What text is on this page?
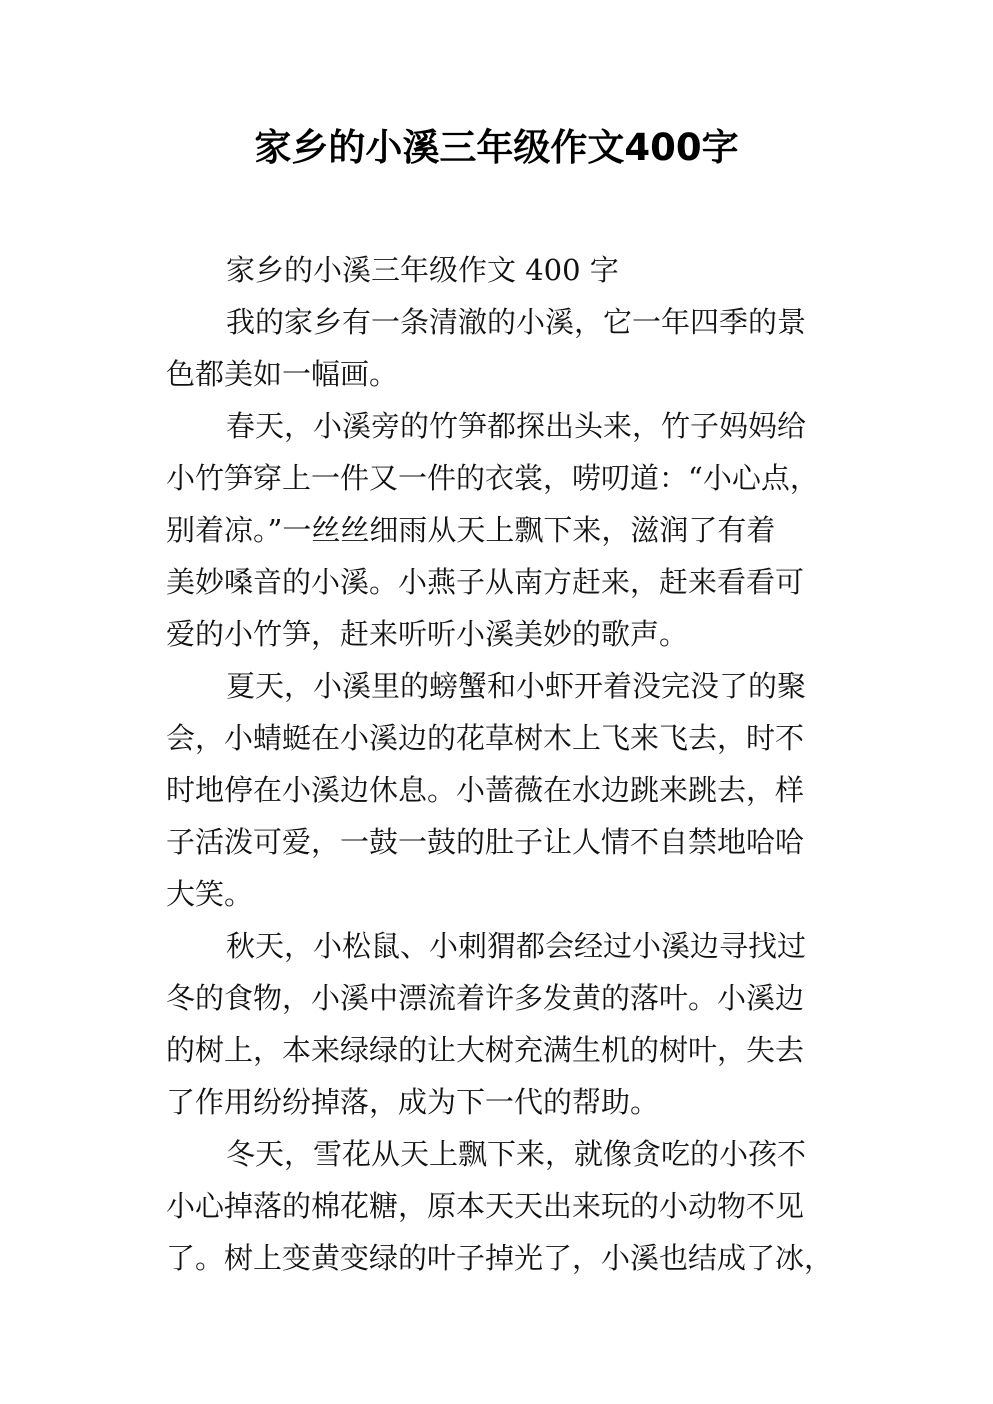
家乡的小溪三年级作文400字
家乡的小溪三年级作文 400 字
我的家乡有一条清澈的小溪，它一年四季的景
色都美如一幅画。
春天，小溪旁的竹笋都探出头来，竹子妈妈给
小竹笋穿上一件又一件的衣裳，唠叨道：“小心点，
别着凉。”一丝丝细雨从天上飘下来，滋润了有着
美妙嗓音的小溪。小燕子从南方赶来，赶来看看可
爱的小竹笋，赶来听听小溪美妙的歌声。
夏天，小溪里的螃蟹和小虾开着没完没了的聚
会，小蜻蜓在小溪边的花草树木上飞来飞去，时不
时地停在小溪边休息。小蔷薇在水边跳来跳去，样
子活泼可爱，一鼓一鼓的肚子让人情不自禁地哈哈
大笑。
秋天，小松鼠、小刺猬都会经过小溪边寻找过
冬的食物，小溪中漂流着许多发黄的落叶。小溪边
的树上，本来绿绿的让大树充满生机的树叶，失去
了作用纷纷掉落，成为下一代的帮助。
冬天，雪花从天上飘下来，就像贪吃的小孩不
小心掉落的棉花糖，原本天天出来玩的小动物不见
了。树上变黄变绿的叶子掉光了，小溪也结成了冰，
